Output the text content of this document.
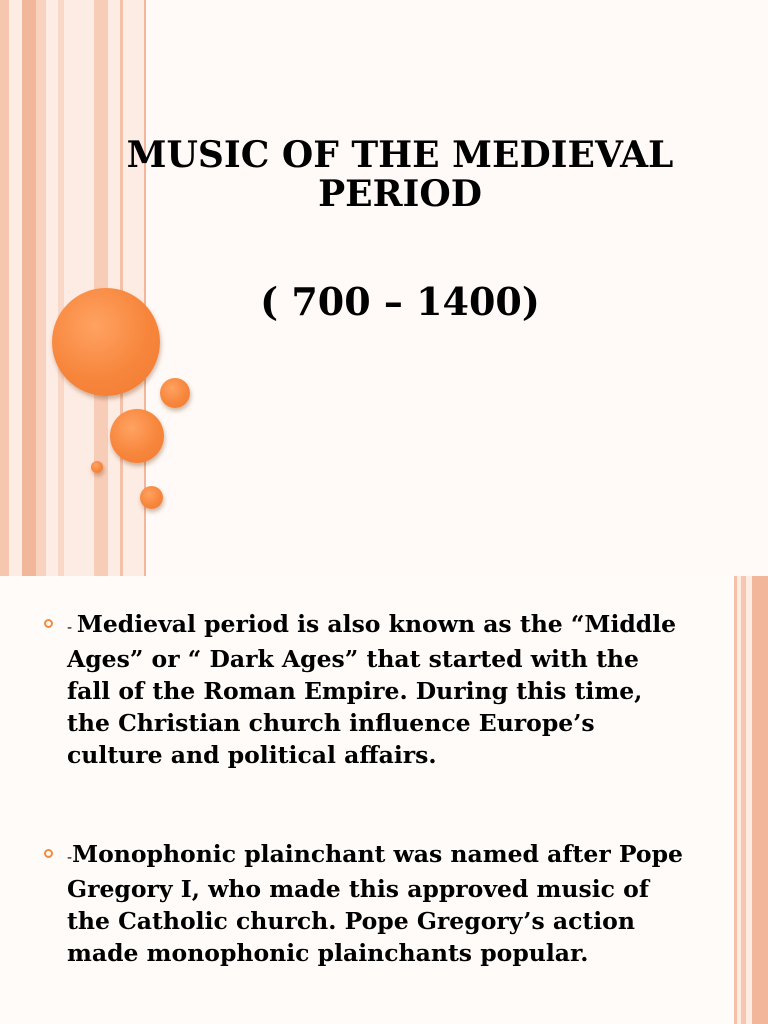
MUSIC OF THE MEDIEVAL PERIOD
( 700 – 1400)
- Medieval period is also known as the “Middle Ages” or “ Dark Ages” that started with the fall of the Roman Empire. During this time, the Christian church influence Europe’s culture and political affairs.
-Monophonic plainchant was named after Pope Gregory I, who made this approved music of the Catholic church. Pope Gregory’s action made monophonic plainchants popular.
